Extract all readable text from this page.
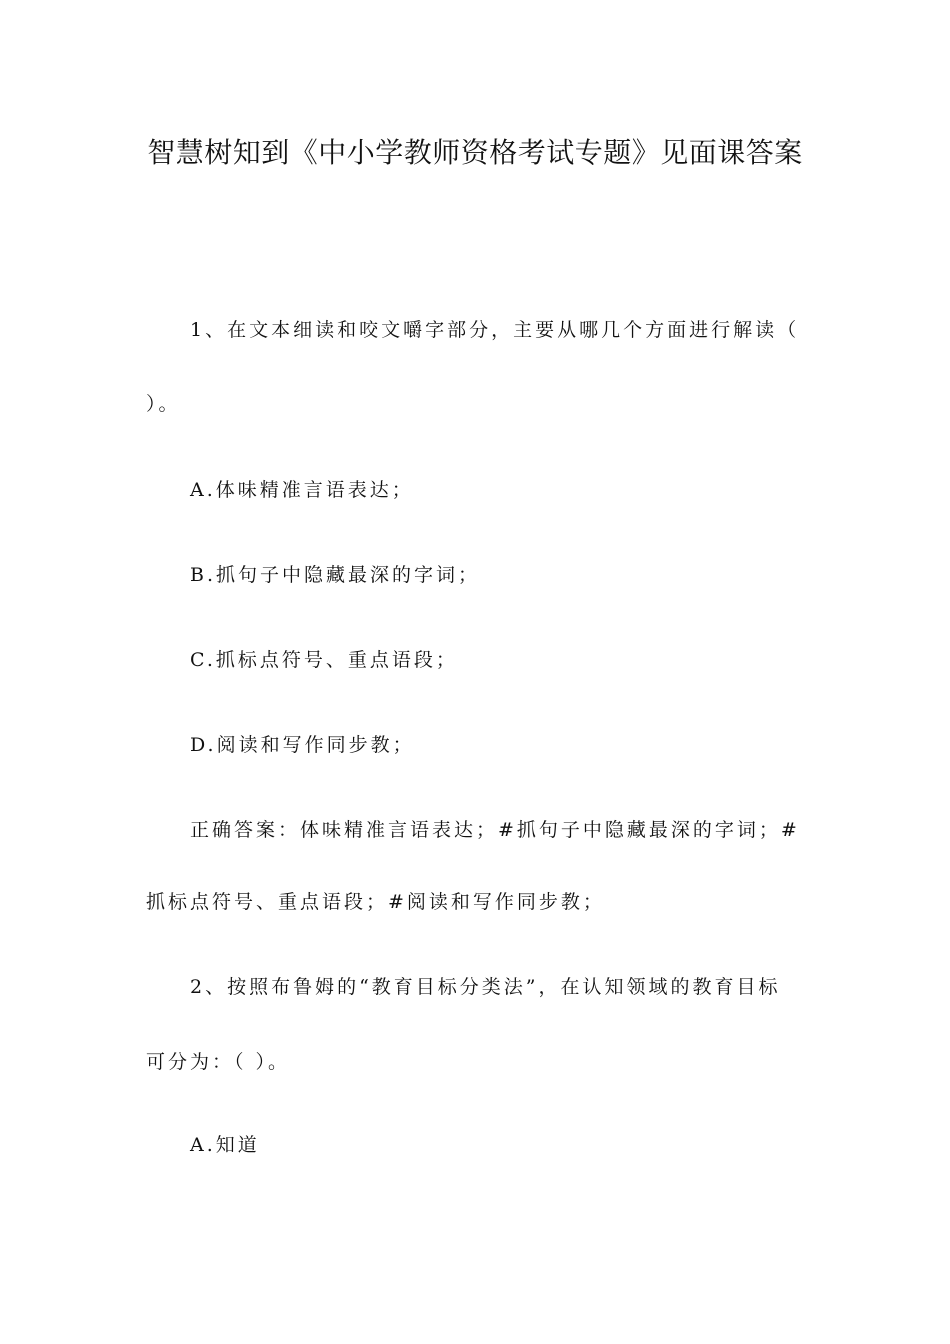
智慧树知到《中小学教师资格考试专题》见面课答案
1、在文本细读和咬文嚼字部分，主要从哪几个方面进行解读（
）。
A.体味精准言语表达；
B.抓句子中隐藏最深的字词；
C.抓标点符号、重点语段；
D.阅读和写作同步教；
正确答案：体味精准言语表达；#抓句子中隐藏最深的字词；#
抓标点符号、重点语段；#阅读和写作同步教；
2、按照布鲁姆的“教育目标分类法”，在认知领域的教育目标
可分为：（ ）。
A.知道
